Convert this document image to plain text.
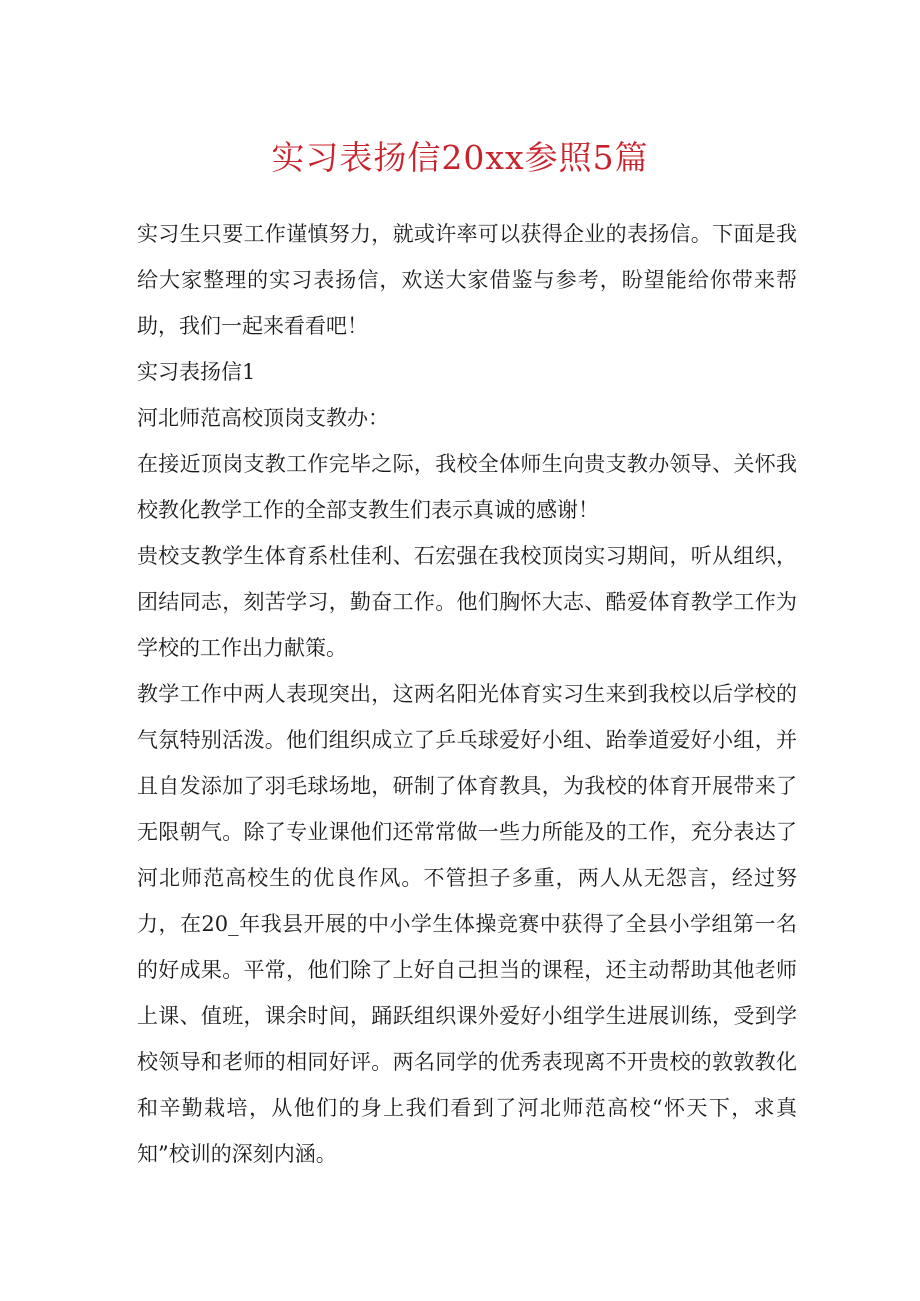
实习表扬信20xx参照5篇

实习生只要工作谨慎努力，就或许率可以获得企业的表扬信。下面是我给大家整理的实习表扬信，欢送大家借鉴与参考，盼望能给你带来帮助，我们一起来看看吧！

实习表扬信1

河北师范高校顶岗支教办：

在接近顶岗支教工作完毕之际，我校全体师生向贵支教办领导、关怀我校教化教学工作的全部支教生们表示真诚的感谢！

贵校支教学生体育系杜佳利、石宏强在我校顶岗实习期间，听从组织，团结同志，刻苦学习，勤奋工作。他们胸怀大志、酷爱体育教学工作为学校的工作出力献策。

教学工作中两人表现突出，这两名阳光体育实习生来到我校以后学校的气氛特别活泼。他们组织成立了乒乓球爱好小组、跆拳道爱好小组，并且自发添加了羽毛球场地，研制了体育教具，为我校的体育开展带来了无限朝气。除了专业课他们还常常做一些力所能及的工作，充分表达了河北师范高校生的优良作风。不管担子多重，两人从无怨言，经过努力，在20_年我县开展的中小学生体操竞赛中获得了全县小学组第一名的好成果。平常，他们除了上好自己担当的课程，还主动帮助其他老师上课、值班，课余时间，踊跃组织课外爱好小组学生进展训练，受到学校领导和老师的相同好评。两名同学的优秀表现离不开贵校的敦敦教化和辛勤栽培，从他们的身上我们看到了河北师范高校“怀天下，求真知”校训的深刻内涵。
